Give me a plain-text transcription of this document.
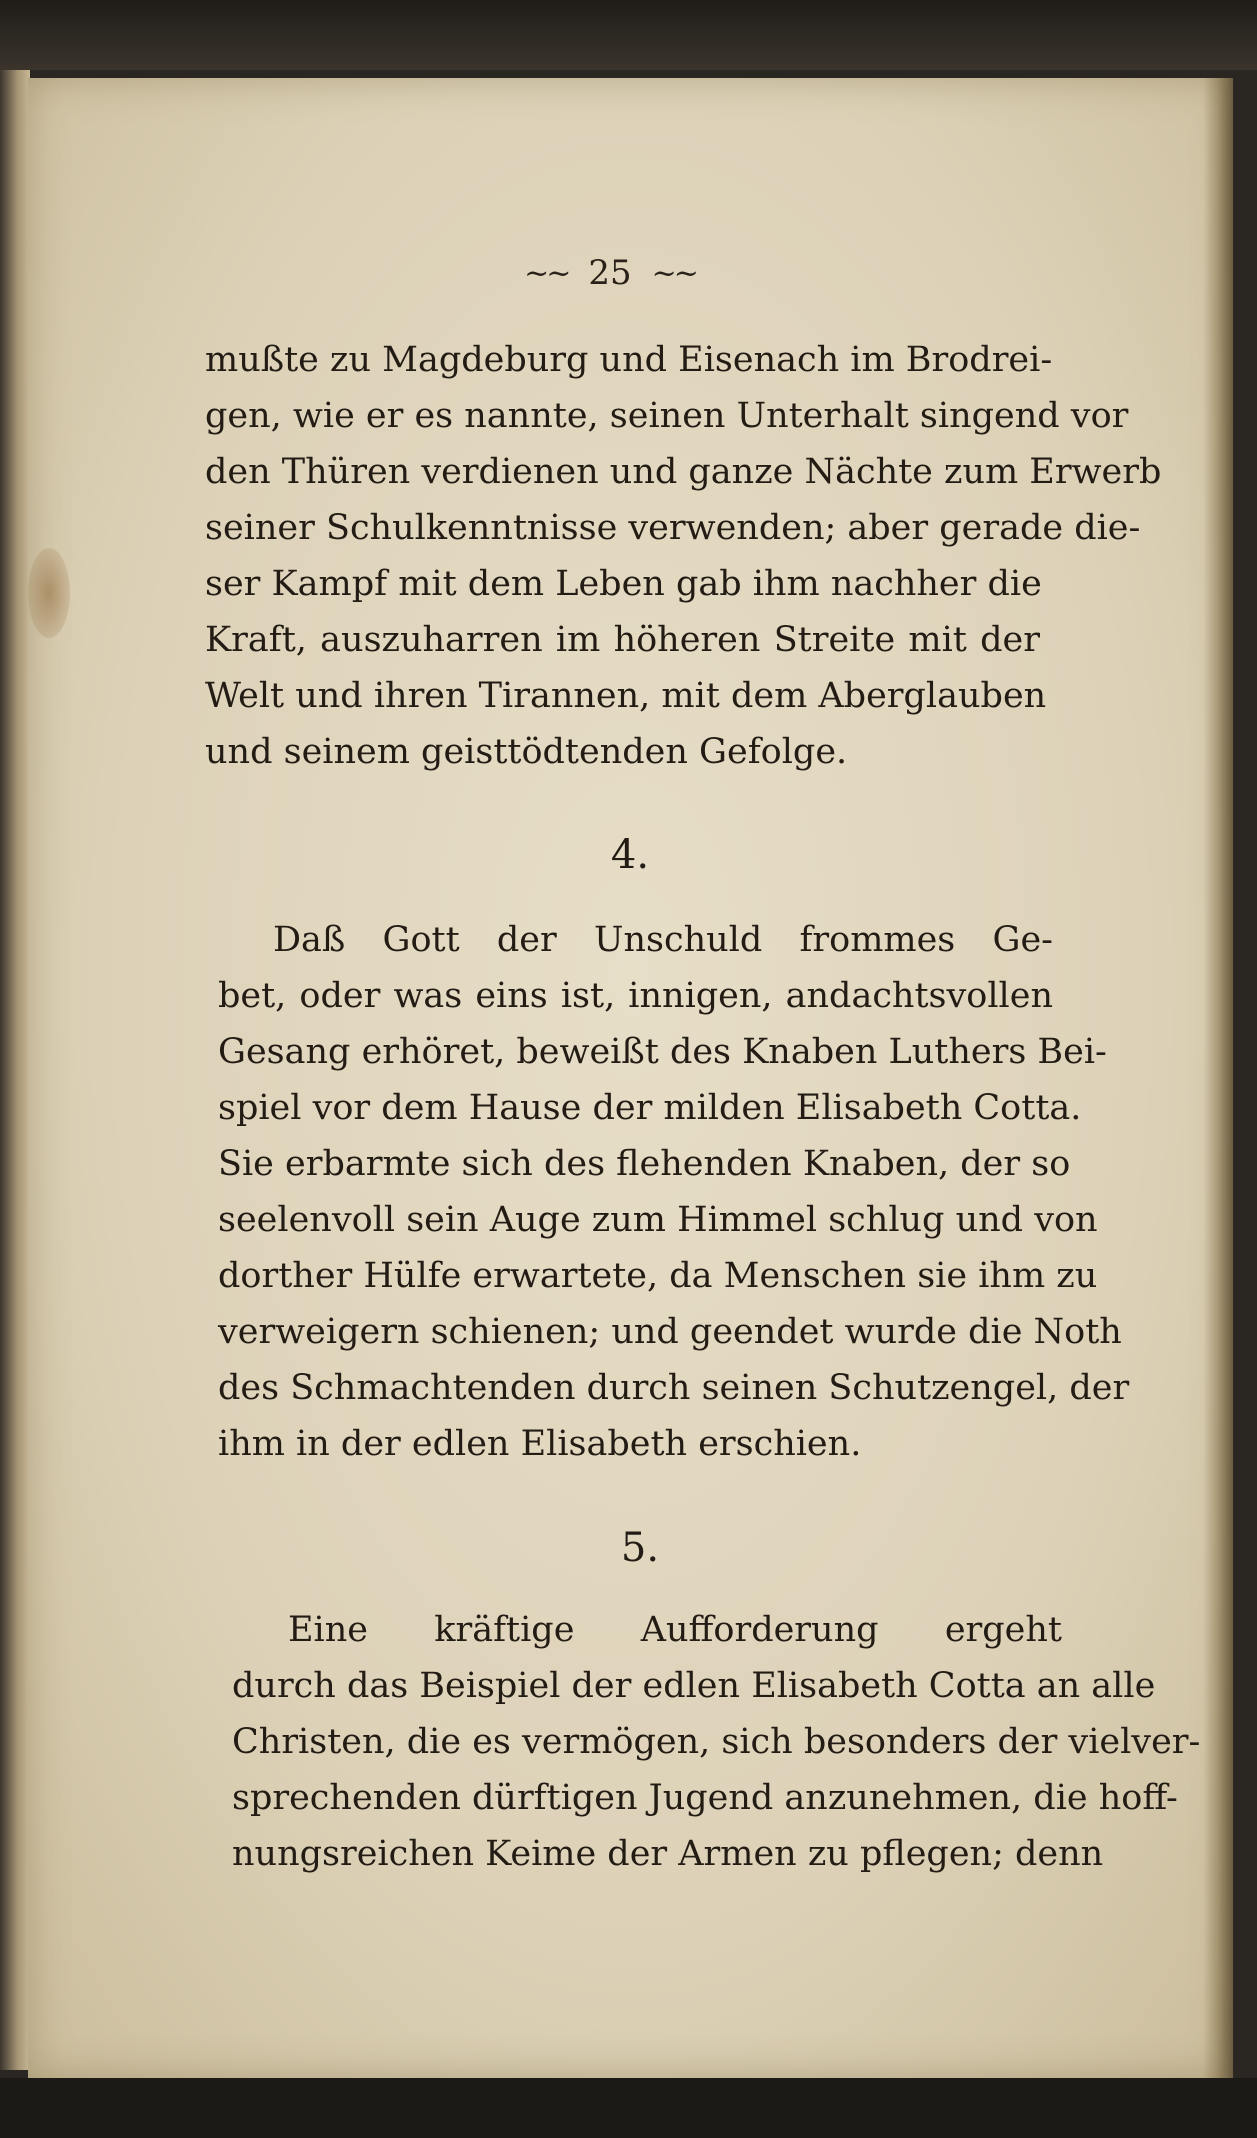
~~ 25 ~~
mußte zu Magdeburg und Eisenach im Brodrei-
gen, wie er es nannte, seinen Unterhalt singend vor
den Thüren verdienen und ganze Nächte zum Erwerb
seiner Schulkenntnisse verwenden; aber gerade die-
ser Kampf mit dem Leben gab ihm nachher die
Kraft, auszuharren im höheren Streite mit der
Welt und ihren Tirannen, mit dem Aberglauben
und seinem geisttödtenden Gefolge.
4.
Daß Gott der Unschuld frommes Ge-
bet, oder was eins ist, innigen, andachtsvollen
Gesang erhöret, beweißt des Knaben Luthers Bei-
spiel vor dem Hause der milden Elisabeth Cotta.
Sie erbarmte sich des flehenden Knaben, der so
seelenvoll sein Auge zum Himmel schlug und von
dorther Hülfe erwartete, da Menschen sie ihm zu
verweigern schienen; und geendet wurde die Noth
des Schmachtenden durch seinen Schutzengel, der
ihm in der edlen Elisabeth erschien.
5.
Eine kräftige Aufforderung ergeht
durch das Beispiel der edlen Elisabeth Cotta an alle
Christen, die es vermögen, sich besonders der vielver-
sprechenden dürftigen Jugend anzunehmen, die hoff-
nungsreichen Keime der Armen zu pflegen; denn
